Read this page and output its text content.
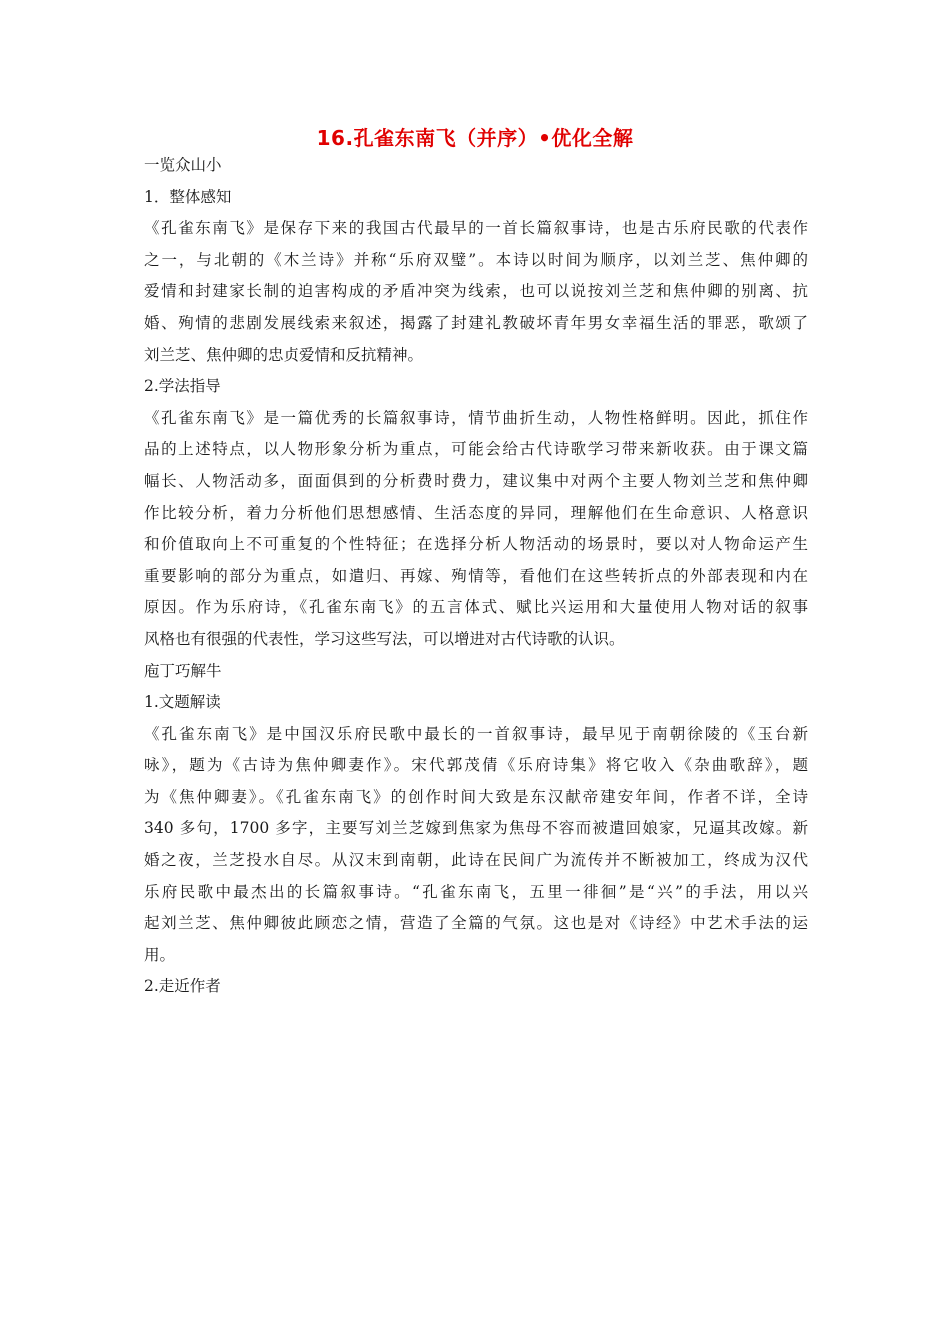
16.孔雀东南飞（并序）•优化全解
一览众山小
1．整体感知
《孔雀东南飞》是保存下来的我国古代最早的一首长篇叙事诗，也是古乐府民歌的代表作
之一，与北朝的《木兰诗》并称“乐府双璧”。本诗以时间为顺序，以刘兰芝、焦仲卿的
爱情和封建家长制的迫害构成的矛盾冲突为线索，也可以说按刘兰芝和焦仲卿的别离、抗
婚、殉情的悲剧发展线索来叙述，揭露了封建礼教破坏青年男女幸福生活的罪恶，歌颂了
刘兰芝、焦仲卿的忠贞爱情和反抗精神。
2.学法指导
《孔雀东南飞》是一篇优秀的长篇叙事诗，情节曲折生动，人物性格鲜明。因此，抓住作
品的上述特点，以人物形象分析为重点，可能会给古代诗歌学习带来新收获。由于课文篇
幅长、人物活动多，面面俱到的分析费时费力，建议集中对两个主要人物刘兰芝和焦仲卿
作比较分析，着力分析他们思想感情、生活态度的异同，理解他们在生命意识、人格意识
和价值取向上不可重复的个性特征；在选择分析人物活动的场景时，要以对人物命运产生
重要影响的部分为重点，如遣归、再嫁、殉情等，看他们在这些转折点的外部表现和内在
原因。作为乐府诗，《孔雀东南飞》的五言体式、赋比兴运用和大量使用人物对话的叙事
风格也有很强的代表性，学习这些写法，可以增进对古代诗歌的认识。
庖丁巧解牛
1.文题解读
《孔雀东南飞》是中国汉乐府民歌中最长的一首叙事诗，最早见于南朝徐陵的《玉台新
咏》，题为《古诗为焦仲卿妻作》。宋代郭茂倩《乐府诗集》将它收入《杂曲歌辞》，题
为《焦仲卿妻》。《孔雀东南飞》的创作时间大致是东汉献帝建安年间，作者不详，全诗
340 多句，1700 多字，主要写刘兰芝嫁到焦家为焦母不容而被遣回娘家，兄逼其改嫁。新
婚之夜，兰芝投水自尽。从汉末到南朝，此诗在民间广为流传并不断被加工，终成为汉代
乐府民歌中最杰出的长篇叙事诗。“孔雀东南飞，五里一徘徊”是“兴”的手法，用以兴
起刘兰芝、焦仲卿彼此顾恋之情，营造了全篇的气氛。这也是对《诗经》中艺术手法的运
用。
2.走近作者
